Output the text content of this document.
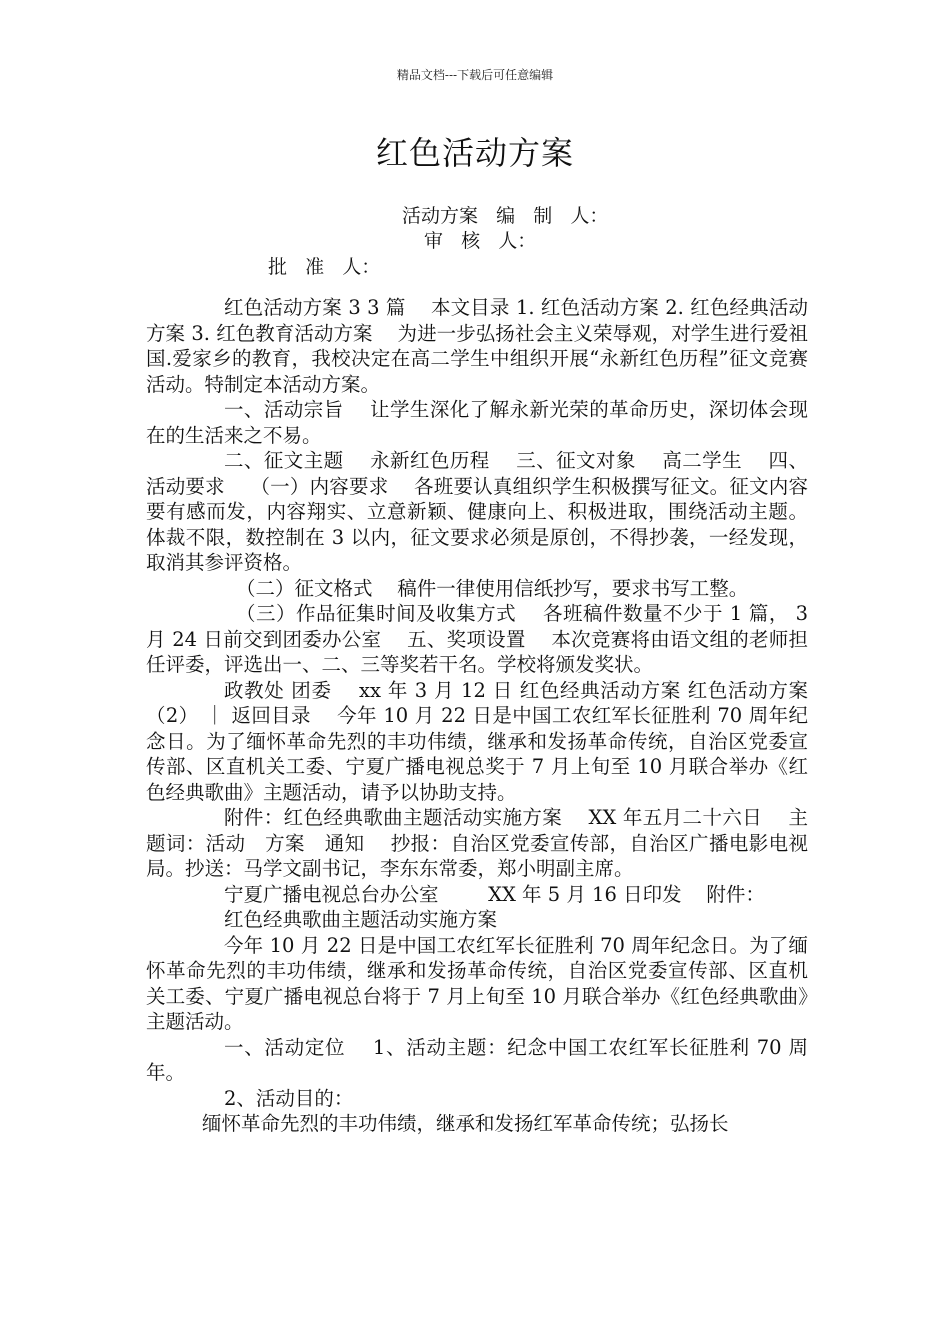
精品文档---下载后可任意编辑
红色活动方案
活动方案   编   制   人：
审   核   人：
批   准   人：

红色活动方案 3 3 篇    本文目录 1. 红色活动方案 2. 红色经典活动方案 3. 红色教育活动方案    为进一步弘扬社会主义荣辱观，对学生进行爱祖国.爱家乡的教育，我校决定在高二学生中组织开展“永新红色历程”征文竞赛活动。特制定本活动方案。

一、活动宗旨    让学生深化了解永新光荣的革命历史，深切体会现在的生活来之不易。

二、征文主题    永新红色历程    三、征文对象    高二学生    四、活动要求    （一）内容要求    各班要认真组织学生积极撰写征文。征文内容要有感而发，内容翔实、立意新颖、健康向上、积极进取，围绕活动主题。体裁不限，数控制在 3 以内，征文要求必须是原创，不得抄袭，一经发现，取消其参评资格。

（二）征文格式    稿件一律使用信纸抄写，要求书写工整。

（三）作品征集时间及收集方式    各班稿件数量不少于 1 篇， 3 月 24 日前交到团委办公室    五、奖项设置    本次竞赛将由语文组的老师担任评委，评选出一、二、三等奖若干名。学校将颁发奖状。

政教处 团委    xx 年 3 月 12 日 红色经典活动方案 红色活动方案（2） ｜ 返回目录    今年 10 月 22 日是中国工农红军长征胜利 70 周年纪念日。为了缅怀革命先烈的丰功伟绩，继承和发扬革命传统，自治区党委宣传部、区直机关工委、宁夏广播电视总奖于 7 月上旬至 10 月联合举办《红色经典歌曲》主题活动，请予以协助支持。

附件：红色经典歌曲主题活动实施方案    XX 年五月二十六日    主题词：活动   方案   通知    抄报：自治区党委宣传部，自治区广播电影电视局。抄送：马学文副书记，李东东常委，郑小明副主席。

宁夏广播电视总台办公室        XX 年 5 月 16 日印发    附件：

红色经典歌曲主题活动实施方案

今年 10 月 22 日是中国工农红军长征胜利 70 周年纪念日。为了缅怀革命先烈的丰功伟绩，继承和发扬革命传统，自治区党委宣传部、区直机关工委、宁夏广播电视总台将于 7 月上旬至 10 月联合举办《红色经典歌曲》主题活动。

一、活动定位    1、活动主题：纪念中国工农红军长征胜利 70 周年。

2、活动目的：

缅怀革命先烈的丰功伟绩，继承和发扬红军革命传统；弘扬长
